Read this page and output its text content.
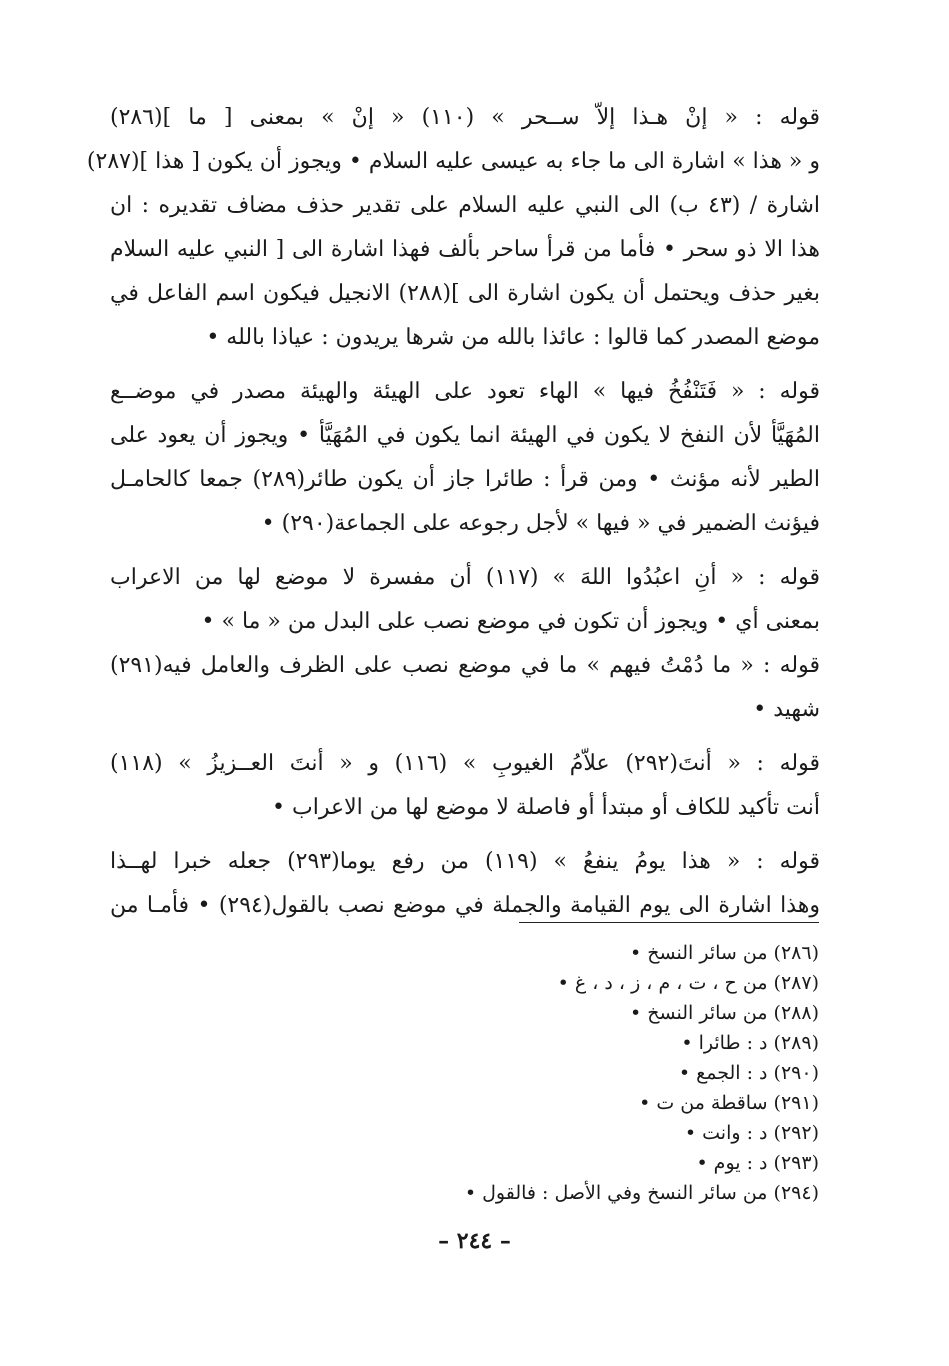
قوله : « إنْ هـذا إلاّ ســحر » (١١٠) « إنْ » بمعنى [ ما ](٢٨٦)
و « هذا » اشارة الى ما جاء به عيسى عليه السلام • ويجوز أن يكون [ هذا ](٢٨٧)
اشارة / (٤٣ ب) الى النبي عليه السلام على تقدير حذف مضاف تقديره : ان
هذا الا ذو سحر • فأما من قرأ ساحر بألف فهذا اشارة الى [ النبي عليه السلام
بغير حذف ويحتمل أن يكون اشارة الى ](٢٨٨) الانجيل فيكون اسم الفاعل في
موضع المصدر كما قالوا : عائذا بالله من شرها يريدون : عياذا بالله •
قوله : « فَتَنْفُخُ فيها » الهاء تعود على الهيئة والهيئة مصدر في موضــع
المُهَيَّأ لأن النفخ لا يكون في الهيئة انما يكون في المُهَيَّأ • ويجوز أن يعود على
الطير لأنه مؤنث • ومن قرأ : طائرا جاز أن يكون طائر(٢٨٩) جمعا كالحامـل
فيؤنث الضمير في « فيها » لأجل رجوعه على الجماعة(٢٩٠) •
قوله : « أنِ اعبُدُوا اللهَ » (١١٧) أن مفسرة لا موضع لها من الاعراب
بمعنى أي • ويجوز أن تكون في موضع نصب على البدل من « ما » •
قوله : « ما دُمْتُ فيهم » ما في موضع نصب على الظرف والعامل فيه(٢٩١)
شهيد •
قوله : « أنتَ(٢٩٢) علاّمُ الغيوبِ » (١١٦) و « أنتَ العــزيزُ » (١١٨)
أنت تأكيد للكاف أو مبتدأ أو فاصلة لا موضع لها من الاعراب •
قوله : « هذا يومُ ينفعُ » (١١٩) من رفع يوما(٢٩٣) جعله خبرا لهــذا
وهذا اشارة الى يوم القيامة والجملة في موضع نصب بالقول(٢٩٤) • فأمـا من
(٢٨٦) من سائر النسخ •
(٢٨٧) من ح ، ت ، م ، ز ، د ، غ •
(٢٨٨) من سائر النسخ •
(٢٨٩) د : طائرا •
(٢٩٠) د : الجمع •
(٢٩١) ساقطة من ت •
(٢٩٢) د : وانت •
(٢٩٣) د : يوم •
(٢٩٤) من سائر النسخ وفي الأصل : فالقول •
– ٢٤٤ –
